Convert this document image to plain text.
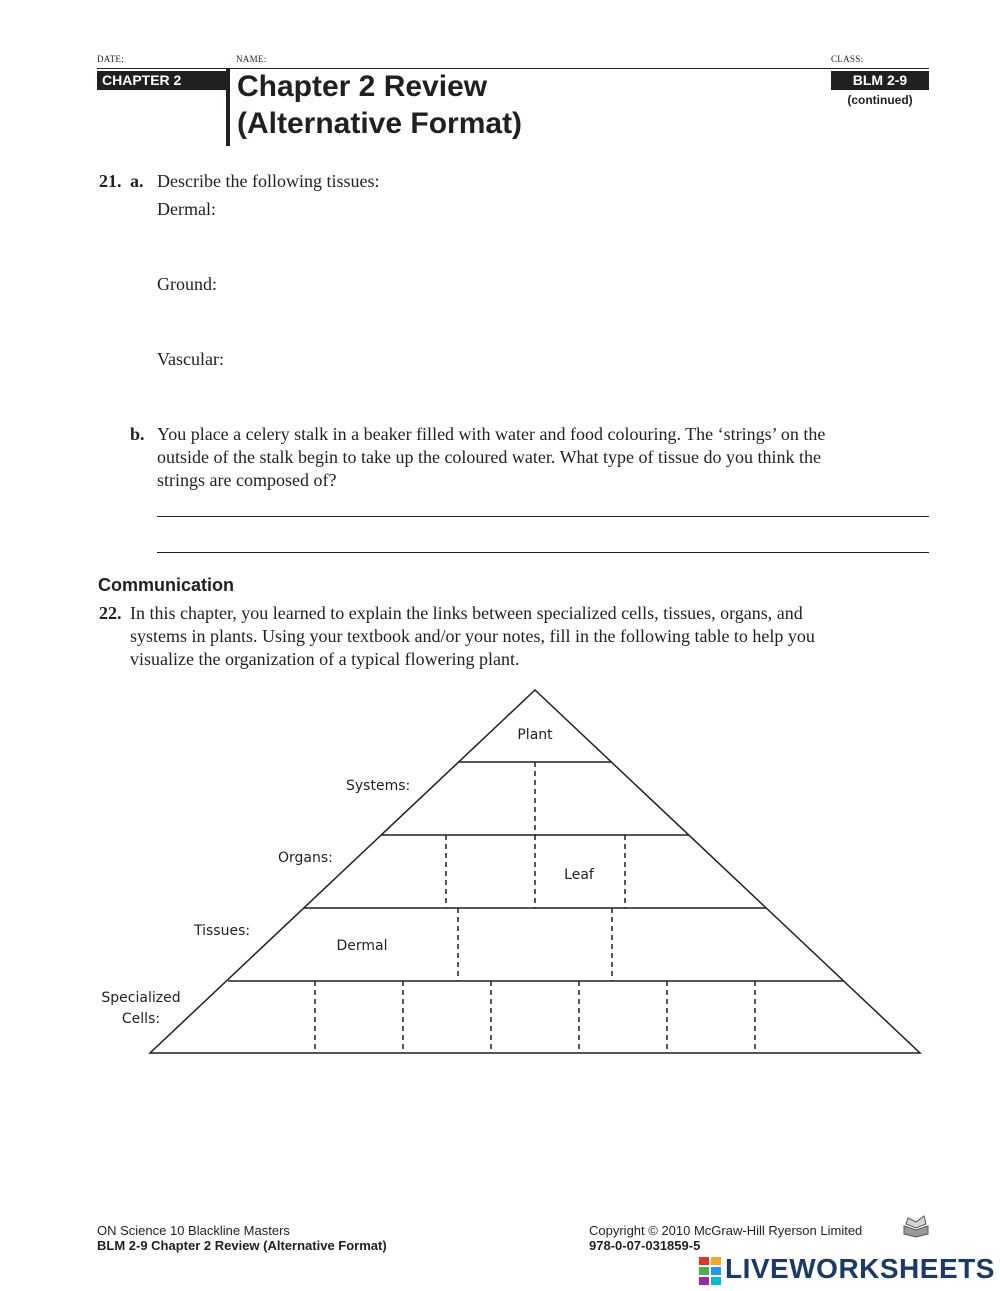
DATE:	NAME:	CLASS:
CHAPTER 2	Chapter 2 Review
(Alternative Format)
BLM 2-9
(continued)
21. a. Describe the following tissues:
Dermal:
Ground:
Vascular:
b. You place a celery stalk in a beaker filled with water and food colouring. The ‘strings’ on the
outside of the stalk begin to take up the coloured water. What type of tissue do you think the
strings are composed of?
Communication
22. In this chapter, you learned to explain the links between specialized cells, tissues, organs, and
systems in plants. Using your textbook and/or your notes, fill in the following table to help you
visualize the organization of a typical flowering plant.
Plant
Systems:
Organs:
Leaf
Tissues:
Dermal
Specialized
Cells:
ON Science 10 Blackline Masters
BLM 2-9 Chapter 2 Review (Alternative Format)
Copyright © 2010 McGraw-Hill Ryerson Limited
978-0-07-031859-5
LIVEWORKSHEETS
